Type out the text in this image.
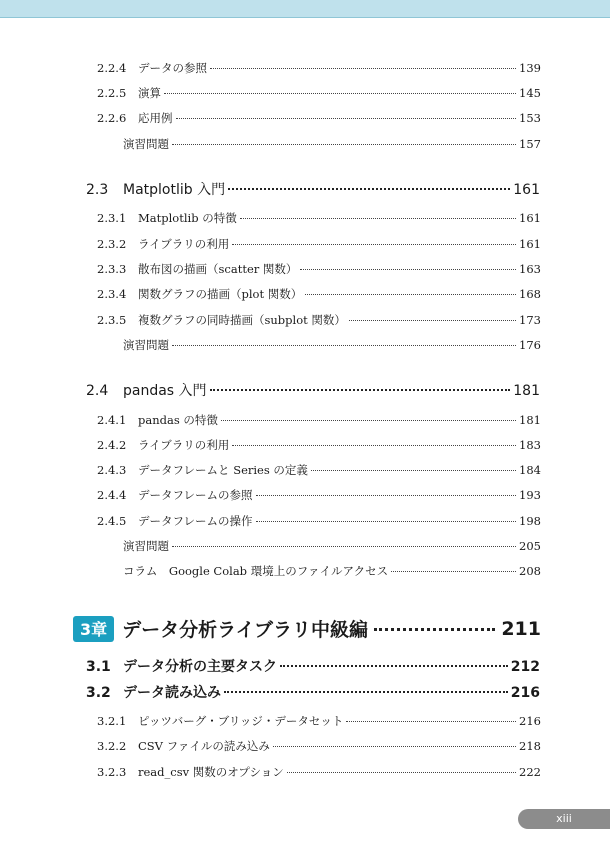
2.2.4	データの参照	139
2.2.5	演算	145
2.2.6	応用例	153
演習問題	157
2.3	Matplotlib 入門	161
2.3.1	Matplotlib の特徴	161
2.3.2	ライブラリの利用	161
2.3.3	散布図の描画（scatter 関数）	163
2.3.4	関数グラフの描画（plot 関数）	168
2.3.5	複数グラフの同時描画（subplot 関数）	173
演習問題	176
2.4	pandas 入門	181
2.4.1	pandas の特徴	181
2.4.2	ライブラリの利用	183
2.4.3	データフレームと Series の定義	184
2.4.4	データフレームの参照	193
2.4.5	データフレームの操作	198
演習問題	205
コラム　Google Colab 環境上のファイルアクセス	208
3章 データ分析ライブラリ中級編	211
3.1 データ分析の主要タスク	212
3.2 データ読み込み	216
3.2.1	ピッツバーグ・ブリッジ・データセット	216
3.2.2	CSV ファイルの読み込み	218
3.2.3	read_csv 関数のオプション	222
xiii
